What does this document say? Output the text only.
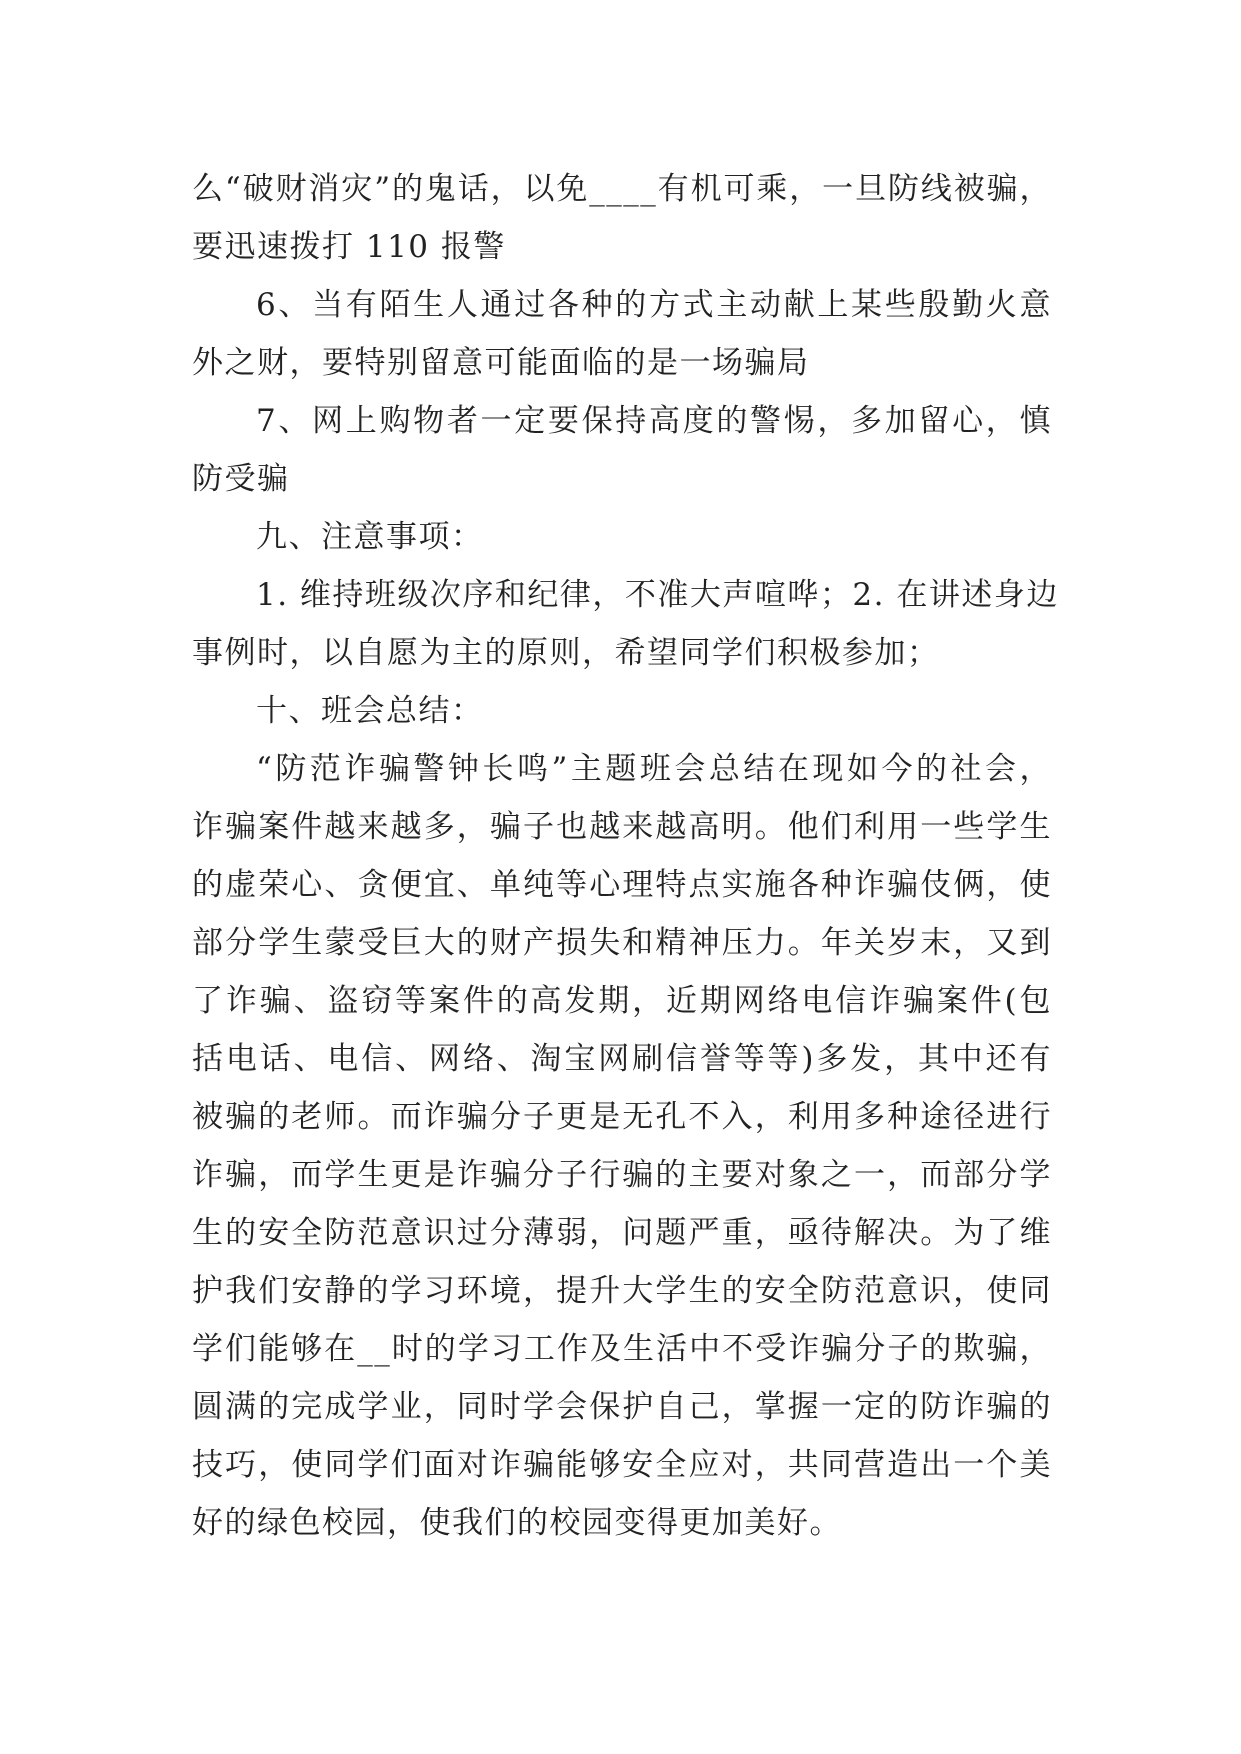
么“破财消灾”的鬼话，以免____有机可乘，一旦防线被骗，
要迅速拨打 110 报警
6、当有陌生人通过各种的方式主动献上某些殷勤火意
外之财，要特别留意可能面临的是一场骗局
7、网上购物者一定要保持高度的警惕，多加留心，慎
防受骗
九、注意事项：
1. 维持班级次序和纪律，不准大声喧哗；2. 在讲述身边
事例时，以自愿为主的原则，希望同学们积极参加；
十、班会总结：
“防范诈骗警钟长鸣”主题班会总结在现如今的社会，
诈骗案件越来越多，骗子也越来越高明。他们利用一些学生
的虚荣心、贪便宜、单纯等心理特点实施各种诈骗伎俩，使
部分学生蒙受巨大的财产损失和精神压力。年关岁末，又到
了诈骗、盗窃等案件的高发期，近期网络电信诈骗案件(包
括电话、电信、网络、淘宝网刷信誉等等)多发，其中还有
被骗的老师。而诈骗分子更是无孔不入，利用多种途径进行
诈骗，而学生更是诈骗分子行骗的主要对象之一，而部分学
生的安全防范意识过分薄弱，问题严重，亟待解决。为了维
护我们安静的学习环境，提升大学生的安全防范意识，使同
学们能够在__时的学习工作及生活中不受诈骗分子的欺骗，
圆满的完成学业，同时学会保护自己，掌握一定的防诈骗的
技巧，使同学们面对诈骗能够安全应对，共同营造出一个美
好的绿色校园，使我们的校园变得更加美好。
